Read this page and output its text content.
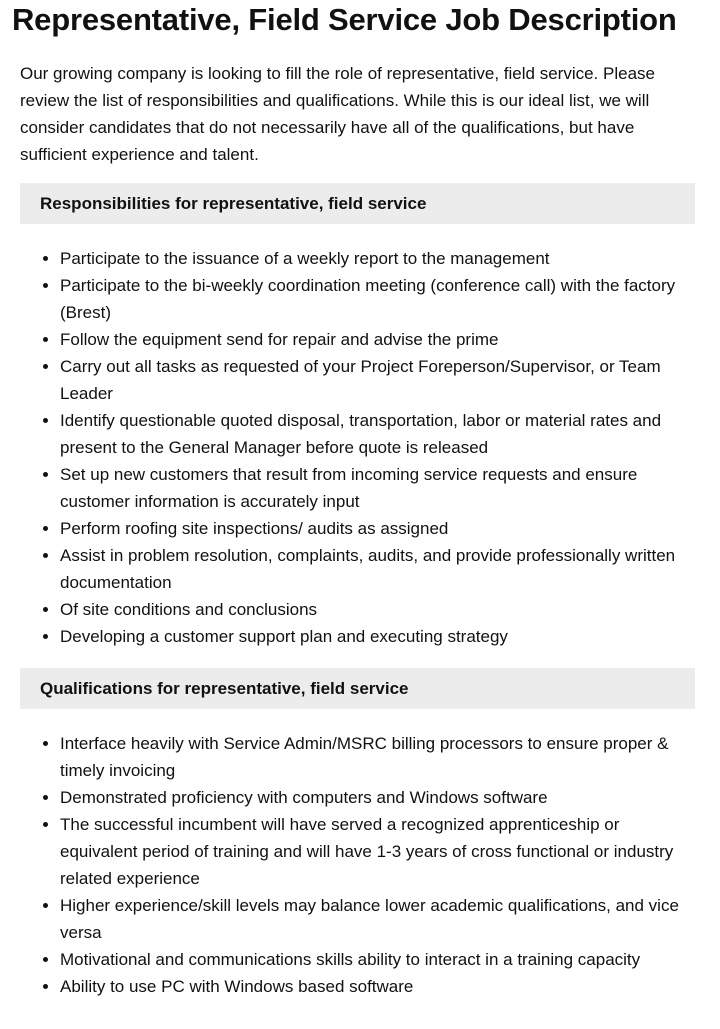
Representative, Field Service Job Description

Our growing company is looking to fill the role of representative, field service. Please review the list of responsibilities and qualifications. While this is our ideal list, we will consider candidates that do not necessarily have all of the qualifications, but have sufficient experience and talent.

Responsibilities for representative, field service
• Participate to the issuance of a weekly report to the management
• Participate to the bi-weekly coordination meeting (conference call) with the factory (Brest)
• Follow the equipment send for repair and advise the prime
• Carry out all tasks as requested of your Project Foreperson/Supervisor, or Team Leader
• Identify questionable quoted disposal, transportation, labor or material rates and present to the General Manager before quote is released
• Set up new customers that result from incoming service requests and ensure customer information is accurately input
• Perform roofing site inspections/ audits as assigned
• Assist in problem resolution, complaints, audits, and provide professionally written documentation
• Of site conditions and conclusions
• Developing a customer support plan and executing strategy
Qualifications for representative, field service
• Interface heavily with Service Admin/MSRC billing processors to ensure proper & timely invoicing
• Demonstrated proficiency with computers and Windows software
• The successful incumbent will have served a recognized apprenticeship or equivalent period of training and will have 1-3 years of cross functional or industry related experience
• Higher experience/skill levels may balance lower academic qualifications, and vice versa
• Motivational and communications skills ability to interact in a training capacity
• Ability to use PC with Windows based software
